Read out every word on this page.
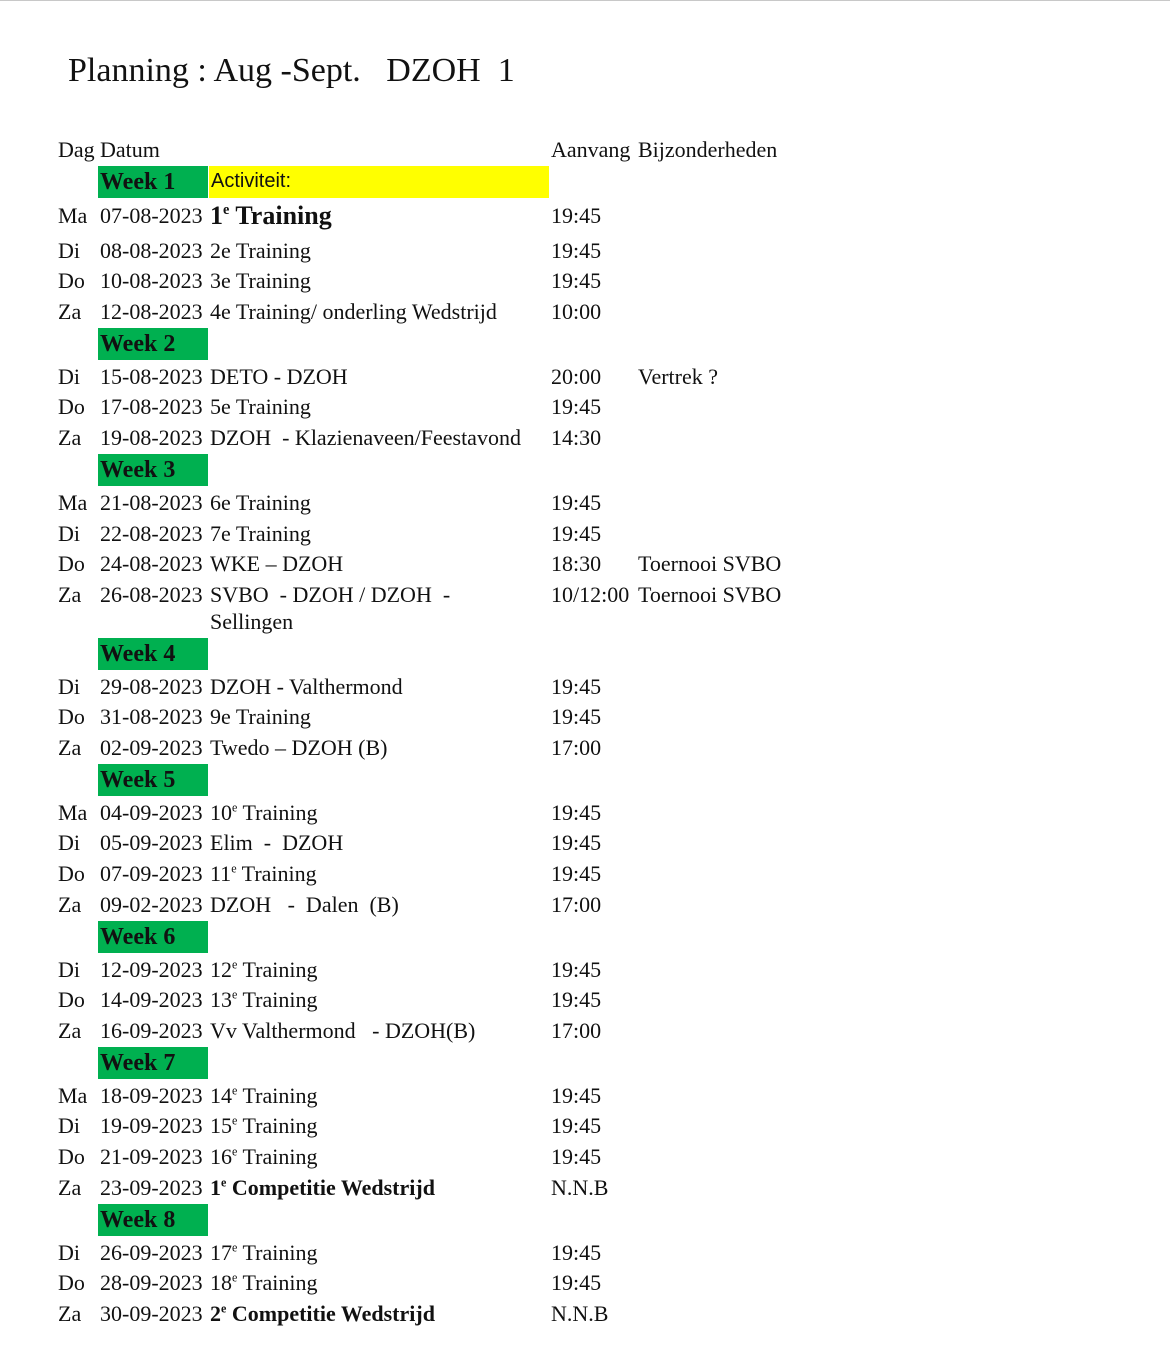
Planning : Aug -Sept.   DZOH  1
Dag Datum	Aanvang Bijzonderheden
Week 1	Activiteit:
Ma 07-08-2023 1e Training	19:45
Di 08-08-2023 2e Training	19:45
Do 10-08-2023 3e Training	19:45
Za 12-08-2023 4e Training/ onderling Wedstrijd 10:00
Week 2
Di 15-08-2023 DETO - DZOH	20:00 Vertrek ?
Do 17-08-2023 5e Training	19:45
Za 19-08-2023 DZOH  - Klazienaveen/Feestavond 14:30
Week 3
Ma 21-08-2023 6e Training	19:45
Di 22-08-2023 7e Training	19:45
Do 24-08-2023 WKE – DZOH	18:30 Toernooi SVBO
Za 26-08-2023 SVBO  - DZOH / DZOH  -
Sellingen
10/12:00 Toernooi SVBO
Week 4
Di 29-08-2023 DZOH - Valthermond	19:45
Do 31-08-2023 9e Training	19:45
Za 02-09-2023 Twedo – DZOH (B)	17:00
Week 5
Ma 04-09-2023 10e Training	19:45
Di 05-09-2023 Elim  -  DZOH	19:45
Do 07-09-2023 11e Training	19:45
Za 09-02-2023 DZOH   -  Dalen  (B)	17:00
Week 6
Di 12-09-2023 12e Training	19:45
Do 14-09-2023 13e Training	19:45
Za 16-09-2023 Vv Valthermond   - DZOH(B)	17:00
Week 7
Ma 18-09-2023 14e Training	19:45
Di 19-09-2023 15e Training	19:45
Do 21-09-2023 16e Training	19:45
Za 23-09-2023 1e Competitie Wedstrijd	N.N.B
Week 8
Di 26-09-2023 17e Training	19:45
Do 28-09-2023 18e Training	19:45
Za 30-09-2023 2e Competitie Wedstrijd	N.N.B
